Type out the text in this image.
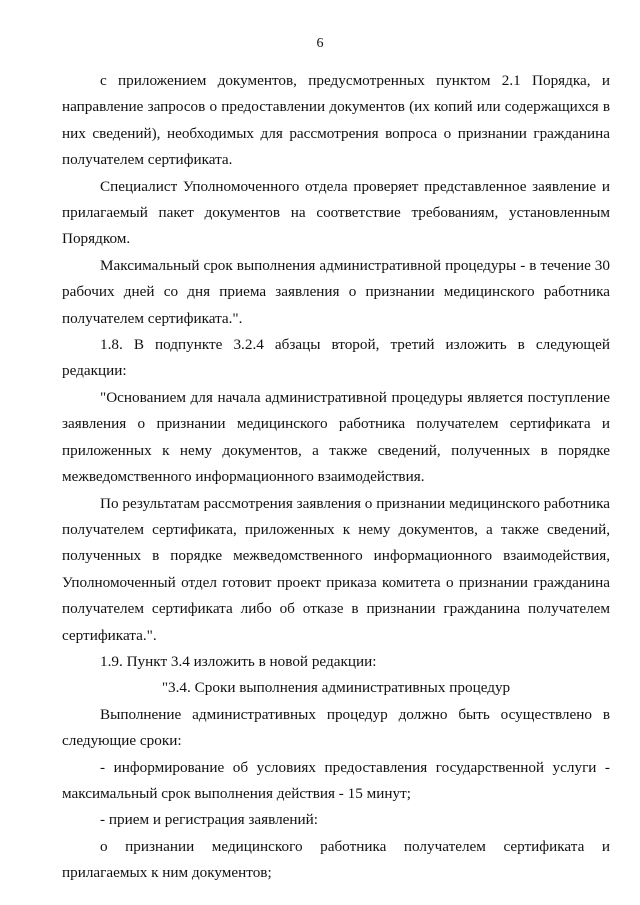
6

с приложением документов, предусмотренных пунктом 2.1 Порядка, и направление запросов о предоставлении документов (их копий или содержащихся в них сведений), необходимых для рассмотрения вопроса о признании гражданина получателем сертификата.

Специалист Уполномоченного отдела проверяет представленное заявление и прилагаемый пакет документов на соответствие требованиям, установленным Порядком.

Максимальный срок выполнения административной процедуры - в течение 30 рабочих дней со дня приема заявления о признании медицинского работника получателем сертификата.".

1.8. В подпункте 3.2.4 абзацы второй, третий изложить в следующей редакции:

"Основанием для начала административной процедуры является поступление заявления о признании медицинского работника получателем сертификата и приложенных к нему документов, а также сведений, полученных в порядке межведомственного информационного взаимодействия.

По результатам рассмотрения заявления о признании медицинского работника получателем сертификата, приложенных к нему документов, а также сведений, полученных в порядке межведомственного информационного взаимодействия, Уполномоченный отдел готовит проект приказа комитета о признании гражданина получателем сертификата либо об отказе в признании гражданина получателем сертификата.".

1.9. Пункт 3.4 изложить в новой редакции:

"3.4. Сроки выполнения административных процедур

Выполнение административных процедур должно быть осуществлено в следующие сроки:

- информирование об условиях предоставления государственной услуги - максимальный срок выполнения действия - 15 минут;

- прием и регистрация заявлений:

о признании медицинского работника получателем сертификата и прилагаемых к ним документов;
